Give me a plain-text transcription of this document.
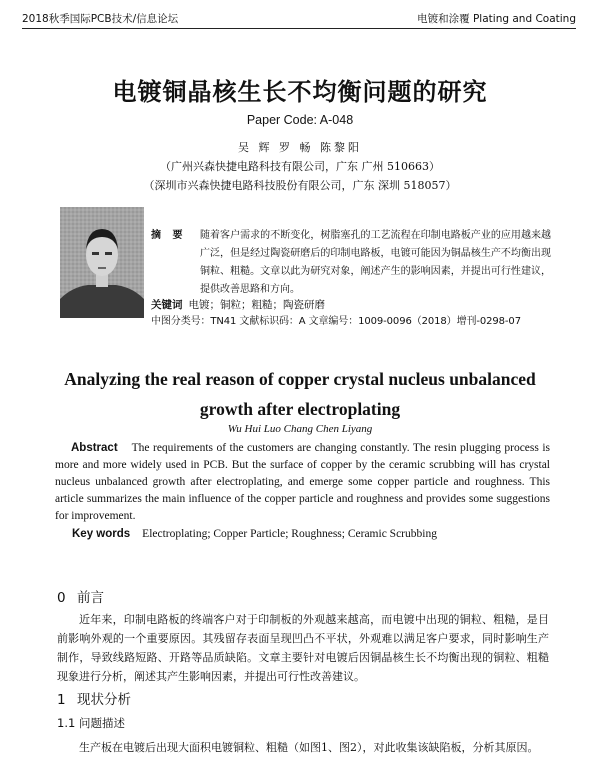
2018秋季国际PCB技术/信息论坛	电镀和涂覆 Plating and Coating
电镀铜晶核生长不均衡问题的研究
Paper Code: A-048
吴 辉 罗 畅 陈黎阳
（广州兴森快捷电路科技有限公司，广东 广州 510663）
（深圳市兴森快捷电路科技股份有限公司，广东 深圳 518057）
摘 要	随着客户需求的不断变化，树脂塞孔的工艺流程在印制电路板产业的应用越来越广泛，但是经过陶瓷研磨后的印制电路板，电镀可能因为铜晶核生产不均衡出现铜粒、粗糙。文章以此为研究对象，阐述产生的影响因素，并提出可行性建议，提供改善思路和方向。
关键词 电镀；铜粒；粗糙；陶瓷研磨
中图分类号：TN41 文献标识码：A 文章编号：1009-0096（2018）增刊-0298-07
Analyzing the real reason of copper crystal nucleus unbalanced growth after electroplating
Wu Hui Luo Chang Chen Liyang
Abstract The requirements of the customers are changing constantly. The resin plugging process is more and more widely used in PCB. But the surface of copper by the ceramic scrubbing will has crystal nucleus unbalanced growth after electroplating, and emerge some copper particle and roughness. This article summarizes the main influence of the copper particle and roughness and provides some suggestions for improvement.
Key words Electroplating; Copper Particle; Roughness; Ceramic Scrubbing
0 前言
近年来，印制电路板的终端客户对于印制板的外观越来越高，而电镀中出现的铜粒、粗糙，是目前影响外观的一个重要原因。其残留存表面呈现凹凸不平状，外观难以满足客户要求，同时影响生产制作，导致线路短路、开路等品质缺陷。文章主要针对电镀后因铜晶核生长不均衡出现的铜粒、粗糙现象进行分析，阐述其产生影响因素，并提出可行性改善建议。
1 现状分析
1.1 问题描述
生产板在电镀后出现大面积电镀铜粒、粗糙（如图1、图2），对此收集该缺陷板，分析其原因。
